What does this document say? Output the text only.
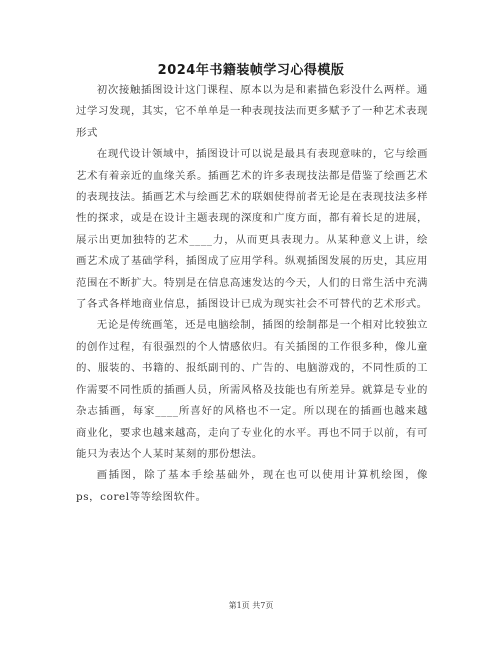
2024年书籍装帧学习心得模版

初次接触插图设计这门课程、原本以为是和素描色彩没什么两样。通过学习发现，其实，它不单单是一种表现技法而更多赋予了一种艺术表现形式

在现代设计领域中，插图设计可以说是最具有表现意味的，它与绘画艺术有着亲近的血缘关系。插画艺术的许多表现技法都是借鉴了绘画艺术的表现技法。插画艺术与绘画艺术的联姻使得前者无论是在表现技法多样性的探求，或是在设计主题表现的深度和广度方面，都有着长足的进展，展示出更加独特的艺术____力，从而更具表现力。从某种意义上讲，绘画艺术成了基础学科，插图成了应用学科。纵观插图发展的历史，其应用范围在不断扩大。特别是在信息高速发达的今天，人们的日常生活中充满了各式各样地商业信息，插图设计已成为现实社会不可替代的艺术形式。

无论是传统画笔，还是电脑绘制，插图的绘制都是一个相对比较独立的创作过程，有很强烈的个人情感依归。有关插图的工作很多种，像儿童的、服装的、书籍的、报纸副刊的、广告的、电脑游戏的，不同性质的工作需要不同性质的插画人员，所需风格及技能也有所差异。就算是专业的杂志插画，每家____所喜好的风格也不一定。所以现在的插画也越来越商业化，要求也越来越高，走向了专业化的水平。再也不同于以前，有可能只为表达个人某时某刻的那份想法。

画插图，除了基本手绘基础外，现在也可以使用计算机绘图，像ps，corel等等绘图软件。

第1页 共7页
